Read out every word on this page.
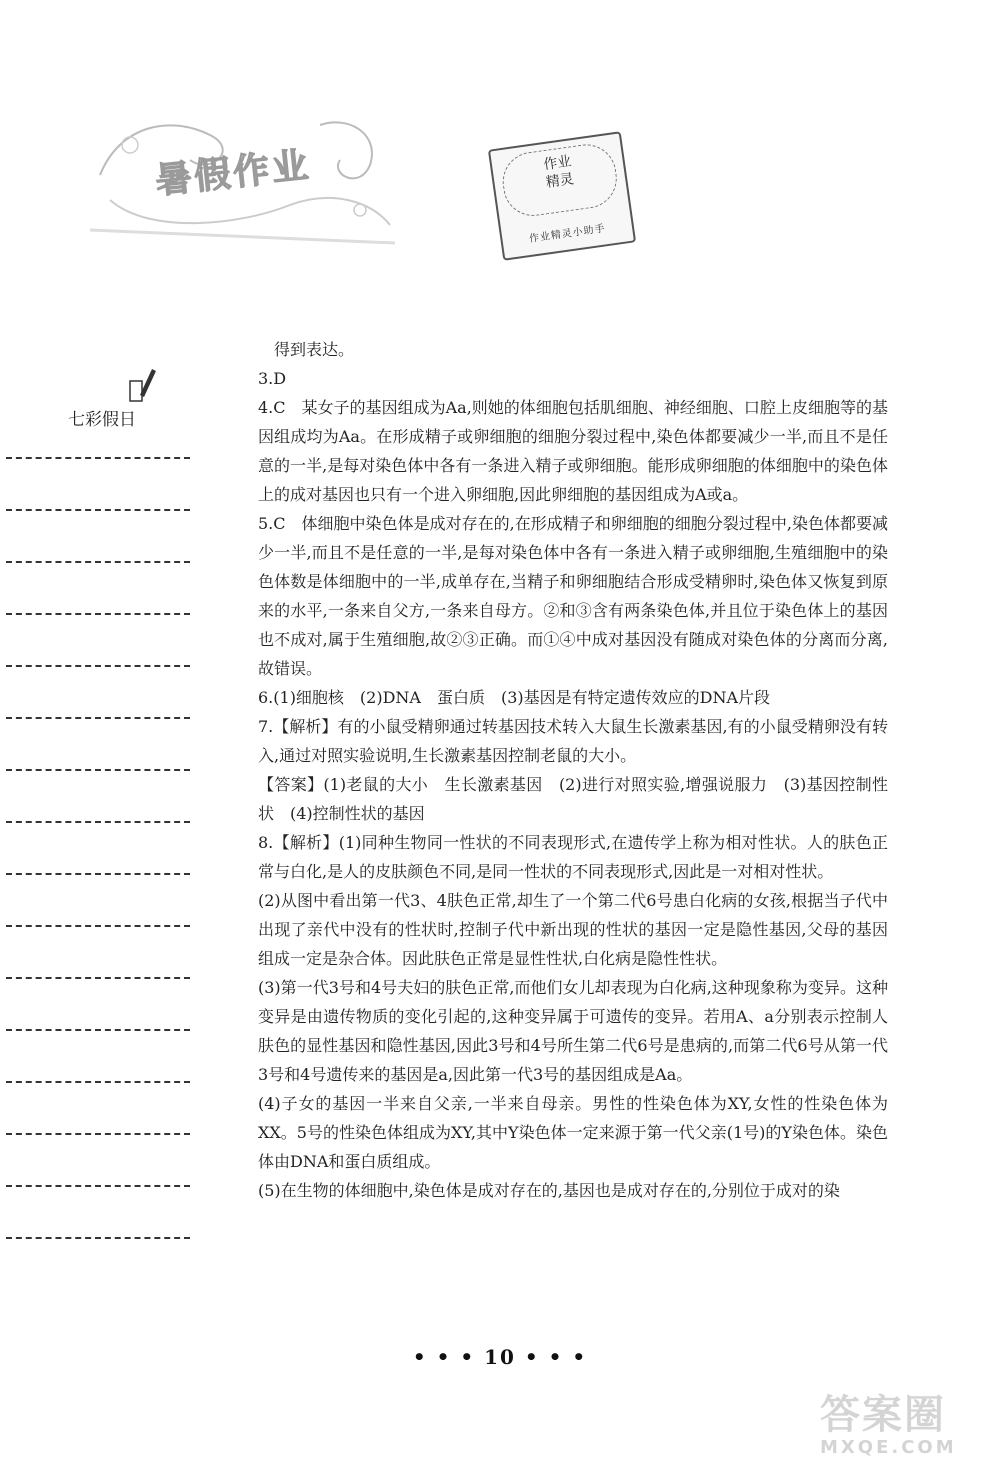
暑假作业	作业
精灵
作业精灵小助手
七彩假日

得到表达。

3.D

4.C　某女子的基因组成为Aa,则她的体细胞包括肌细胞、神经细胞、口腔上皮细胞等的基因组成均为Aa。在形成精子或卵细胞的细胞分裂过程中,染色体都要减少一半,而且不是任意的一半,是每对染色体中各有一条进入精子或卵细胞。能形成卵细胞的体细胞中的染色体上的成对基因也只有一个进入卵细胞,因此卵细胞的基因组成为A或a。

5.C　体细胞中染色体是成对存在的,在形成精子和卵细胞的细胞分裂过程中,染色体都要减少一半,而且不是任意的一半,是每对染色体中各有一条进入精子或卵细胞,生殖细胞中的染色体数是体细胞中的一半,成单存在,当精子和卵细胞结合形成受精卵时,染色体又恢复到原来的水平,一条来自父方,一条来自母方。②和③含有两条染色体,并且位于染色体上的基因也不成对,属于生殖细胞,故②③正确。而①④中成对基因没有随成对染色体的分离而分离,故错误。

6.(1)细胞核　(2)DNA　蛋白质　(3)基因是有特定遗传效应的DNA片段

7.【解析】有的小鼠受精卵通过转基因技术转入大鼠生长激素基因,有的小鼠受精卵没有转入,通过对照实验说明,生长激素基因控制老鼠的大小。

【答案】(1)老鼠的大小　生长激素基因　(2)进行对照实验,增强说服力　(3)基因控制性状　(4)控制性状的基因

8.【解析】(1)同种生物同一性状的不同表现形式,在遗传学上称为相对性状。人的肤色正常与白化,是人的皮肤颜色不同,是同一性状的不同表现形式,因此是一对相对性状。

(2)从图中看出第一代3、4肤色正常,却生了一个第二代6号患白化病的女孩,根据当子代中出现了亲代中没有的性状时,控制子代中新出现的性状的基因一定是隐性基因,父母的基因组成一定是杂合体。因此肤色正常是显性性状,白化病是隐性性状。

(3)第一代3号和4号夫妇的肤色正常,而他们女儿却表现为白化病,这种现象称为变异。这种变异是由遗传物质的变化引起的,这种变异属于可遗传的变异。若用A、a分别表示控制人肤色的显性基因和隐性基因,因此3号和4号所生第二代6号是患病的,而第二代6号从第一代3号和4号遗传来的基因是a,因此第一代3号的基因组成是Aa。

(4)子女的基因一半来自父亲,一半来自母亲。男性的性染色体为XY,女性的性染色体为XX。5号的性染色体组成为XY,其中Y染色体一定来源于第一代父亲(1号)的Y染色体。染色体由DNA和蛋白质组成。

(5)在生物的体细胞中,染色体是成对存在的,基因也是成对存在的,分别位于成对的染

• • • 10 • • •
答案圈
MXQE.COM
